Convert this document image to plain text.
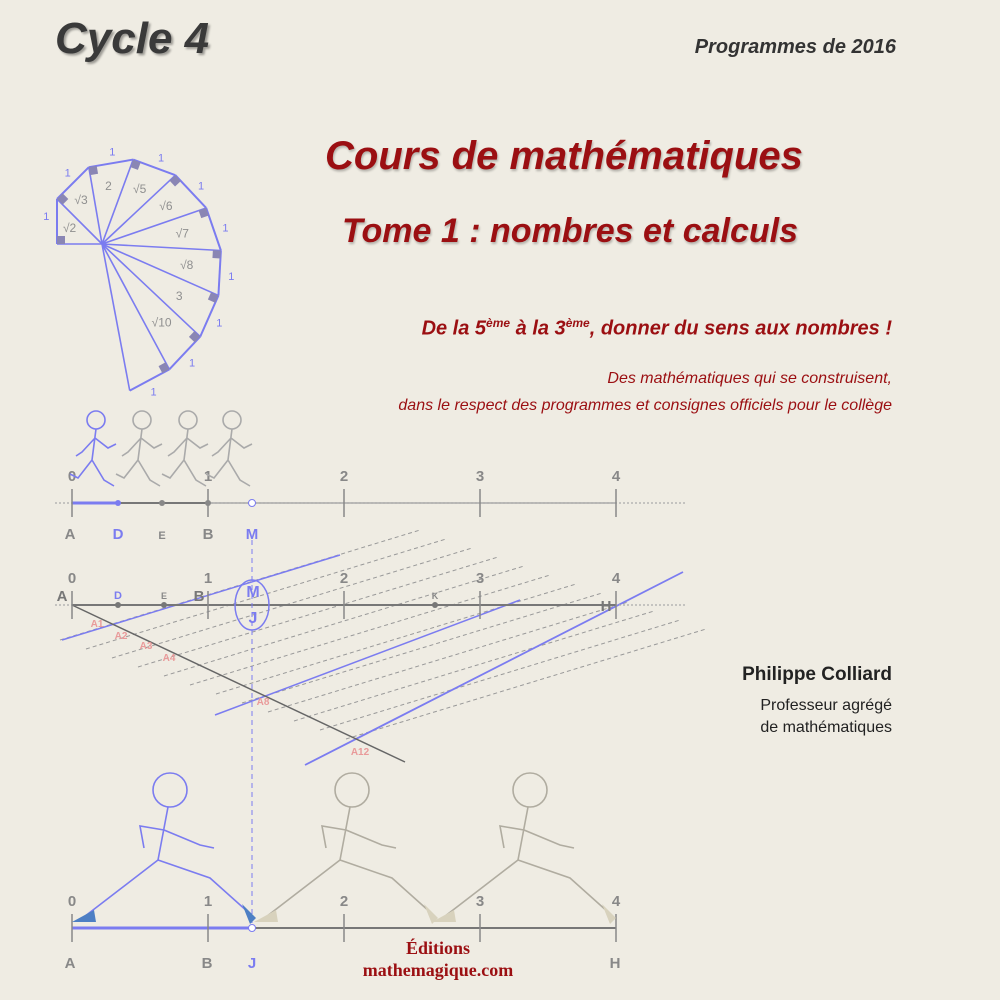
Cycle 4	Programmes de 2016
Cours de mathématiques
Tome 1 : nombres et calculs
De la 5ème à la 3ème, donner du sens aux nombres !
Des mathématiques qui se construisent,
dans le respect des programmes et consignes officiels pour le collège
Philippe Colliard
Professeur agrégé
de mathématiques
Éditions
mathemagique.com
1
√2
1
√3
1
2
1
√5	1
√6
1
√7
1
√8
1
3
1
√10
1
0	1	2	3	4
A D	E B M
0	1	2	3	4
A	D	E B	M
J
K
H
A1
A2
A3
A4
A8
A12
0	1	2	3	4
A	B J	H
